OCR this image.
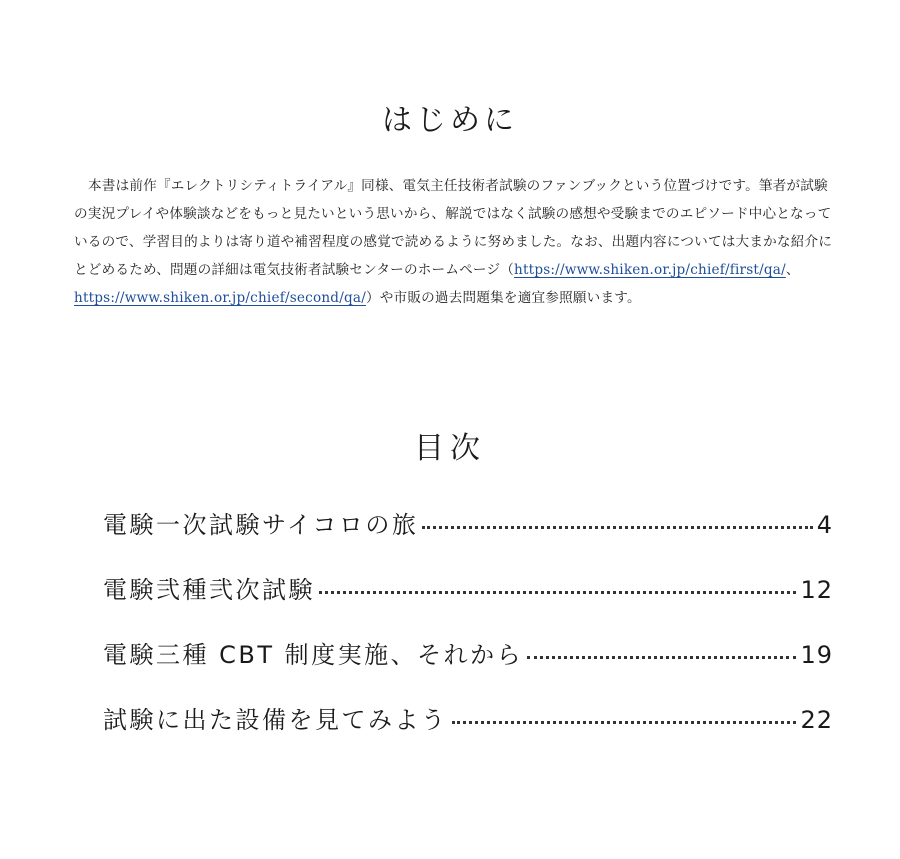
はじめに

本書は前作『エレクトリシティトライアル』同様、電気主任技術者試験のファンブックという位置づけです。筆者が試験の実況プレイや体験談などをもっと見たいという思いから、解説ではなく試験の感想や受験までのエピソード中心となっているので、学習目的よりは寄り道や補習程度の感覚で読めるように努めました。なお、出題内容については大まかな紹介にとどめるため、問題の詳細は電気技術者試験センターのホームページ（https://www.shiken.or.jp/chief/first/qa/、https://www.shiken.or.jp/chief/second/qa/）や市販の過去問題集を適宜参照願います。

目次
電験一次試験サイコロの旅	4
電験弐種弐次試験	12
電験三種 CBT 制度実施、それから	19
試験に出た設備を見てみよう	22
